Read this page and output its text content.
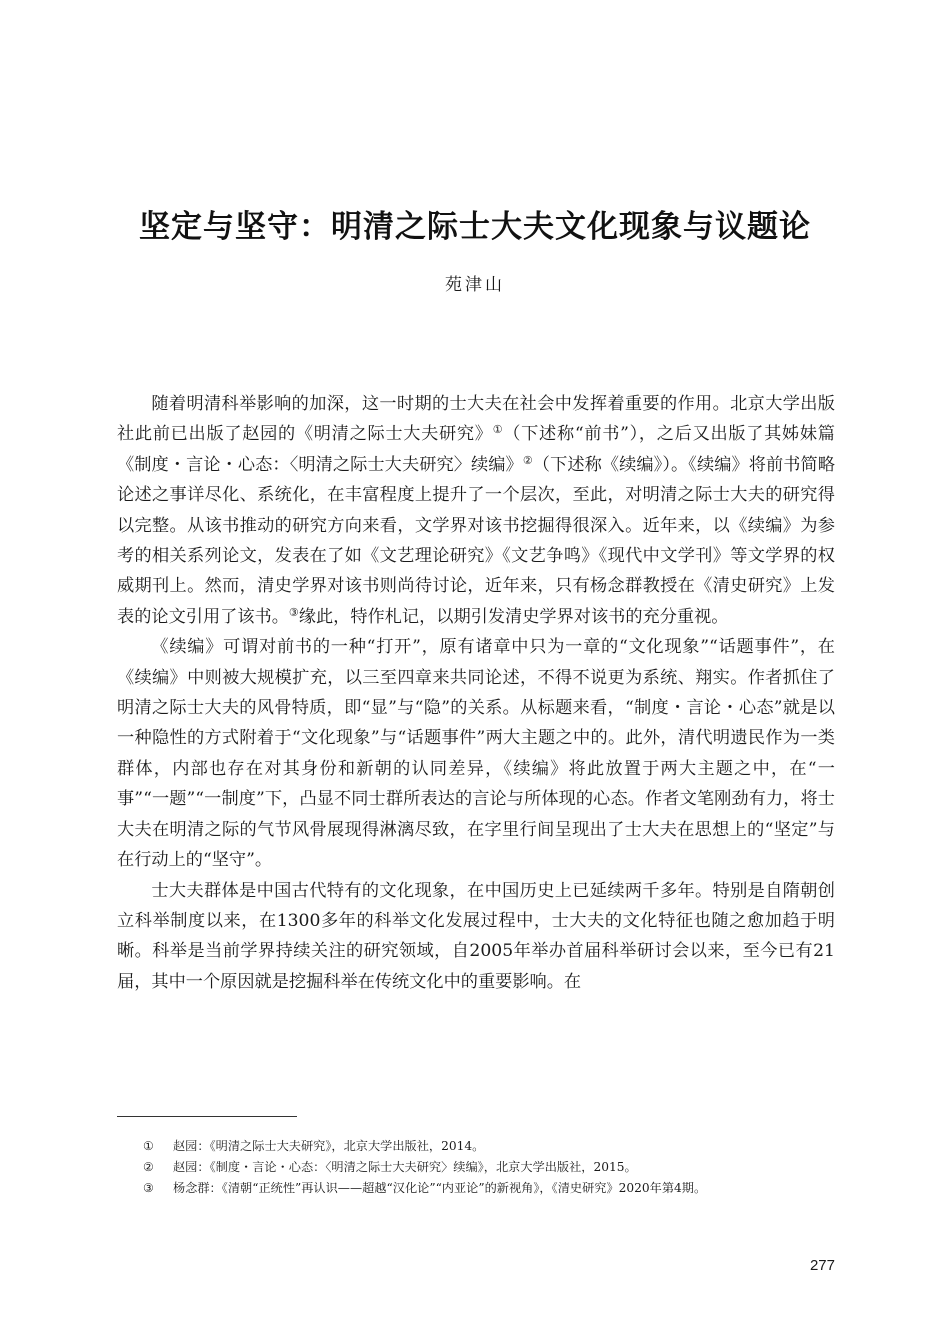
坚定与坚守：明清之际士大夫文化现象与议题论
苑津山

随着明清科举影响的加深，这一时期的士大夫在社会中发挥着重要的作用。北京大学出版社此前已出版了赵园的《明清之际士大夫研究》①（下述称“前书”），之后又出版了其姊妹篇《制度・言论・心态：〈明清之际士大夫研究〉续编》②（下述称《续编》）。《续编》将前书简略论述之事详尽化、系统化，在丰富程度上提升了一个层次，至此，对明清之际士大夫的研究得以完整。从该书推动的研究方向来看，文学界对该书挖掘得很深入。近年来，以《续编》为参考的相关系列论文，发表在了如《文艺理论研究》《文艺争鸣》《现代中文学刊》等文学界的权威期刊上。然而，清史学界对该书则尚待讨论，近年来，只有杨念群教授在《清史研究》上发表的论文引用了该书。③缘此，特作札记，以期引发清史学界对该书的充分重视。

《续编》可谓对前书的一种“打开”，原有诸章中只为一章的“文化现象”“话题事件”，在《续编》中则被大规模扩充，以三至四章来共同论述，不得不说更为系统、翔实。作者抓住了明清之际士大夫的风骨特质，即“显”与“隐”的关系。从标题来看，“制度・言论・心态”就是以一种隐性的方式附着于“文化现象”与“话题事件”两大主题之中的。此外，清代明遗民作为一类群体，内部也存在对其身份和新朝的认同差异，《续编》将此放置于两大主题之中，在“一事”“一题”“一制度”下，凸显不同士群所表达的言论与所体现的心态。作者文笔刚劲有力，将士大夫在明清之际的气节风骨展现得淋漓尽致，在字里行间呈现出了士大夫在思想上的“坚定”与在行动上的“坚守”。

士大夫群体是中国古代特有的文化现象，在中国历史上已延续两千多年。特别是自隋朝创立科举制度以来，在1300多年的科举文化发展过程中，士大夫的文化特征也随之愈加趋于明晰。科举是当前学界持续关注的研究领域，自2005年举办首届科举研讨会以来，至今已有21届，其中一个原因就是挖掘科举在传统文化中的重要影响。在

① 赵园：《明清之际士大夫研究》，北京大学出版社，2014。
② 赵园：《制度・言论・心态：〈明清之际士大夫研究〉续编》，北京大学出版社，2015。
③ 杨念群：《清朝“正统性”再认识——超越“汉化论”“内亚论”的新视角》，《清史研究》2020年第4期。
277
